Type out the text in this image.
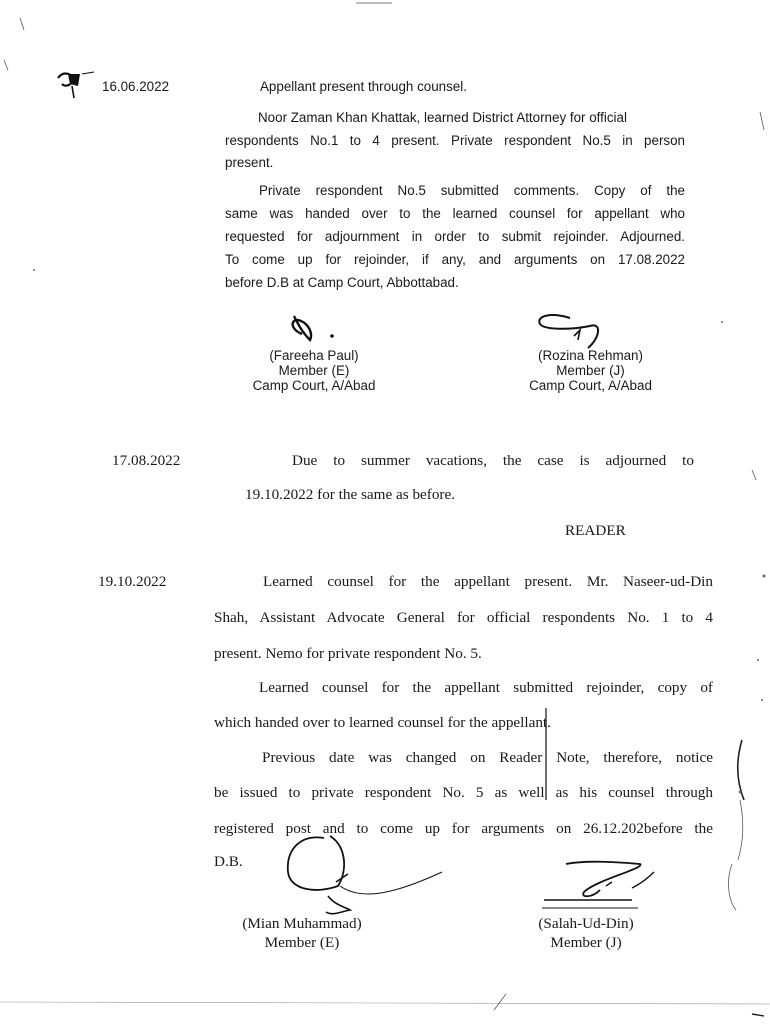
16.06.2022	Appellant present through counsel.
Noor Zaman Khan Khattak, learned District Attorney for official
respondents No.1 to 4 present. Private respondent No.5 in person
present.
Private respondent No.5 submitted comments. Copy of the
same was handed over to the learned counsel for appellant who
requested for adjournment in order to submit rejoinder. Adjourned.
To come up for rejoinder, if any, and arguments on 17.08.2022
before D.B at Camp Court, Abbottabad.
(Fareeha Paul)
Member (E)
Camp Court, A/Abad
(Rozina Rehman)
Member (J)
Camp Court, A/Abad
17.08.2022	Due to summer vacations, the case is adjourned to
19.10.2022 for the same as before.
READER
19.10.2022	Learned counsel for the appellant present. Mr. Naseer-ud-Din
Shah, Assistant Advocate General for official respondents No. 1 to 4
present. Nemo for private respondent No. 5.
Learned counsel for the appellant submitted rejoinder, copy of
which handed over to learned counsel for the appellant.
Previous date was changed on Reader Note, therefore, notice
be issued to private respondent No. 5 as well as his counsel through
registered post and to come up for arguments on 26.12.202before the
D.B.
(Mian Muhammad)
Member (E)
(Salah-Ud-Din)
Member (J)
